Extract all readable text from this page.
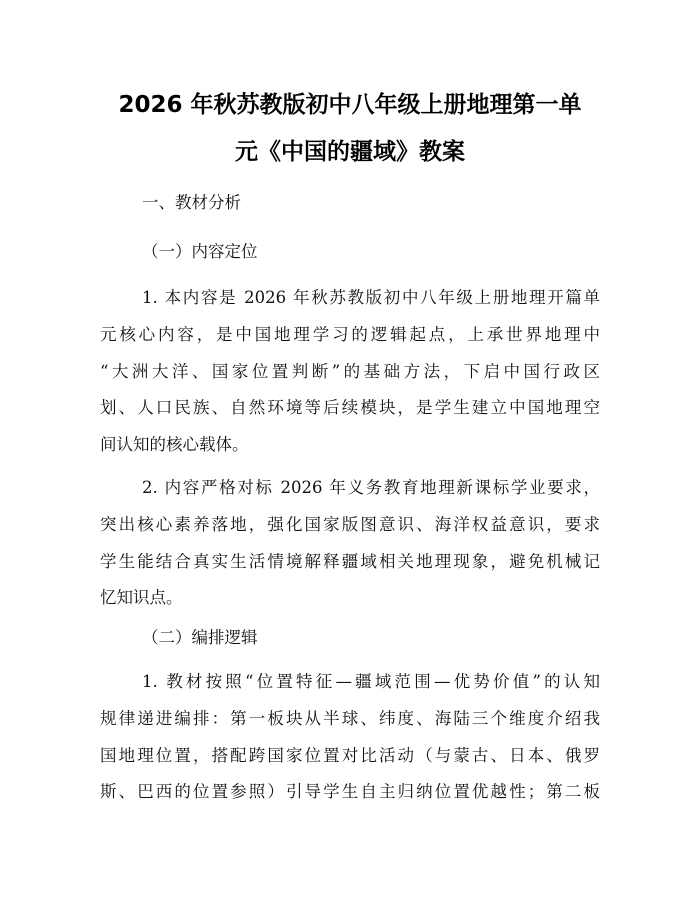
2026 年秋苏教版初中八年级上册地理第一单
元《中国的疆域》教案
一、教材分析
（一）内容定位
1. 本内容是 2026 年秋苏教版初中八年级上册地理开篇单
元核心内容，是中国地理学习的逻辑起点，上承世界地理中
“大洲大洋、国家位置判断”的基础方法，下启中国行政区
划、人口民族、自然环境等后续模块，是学生建立中国地理空
间认知的核心载体。
2. 内容严格对标 2026 年义务教育地理新课标学业要求，
突出核心素养落地，强化国家版图意识、海洋权益意识，要求
学生能结合真实生活情境解释疆域相关地理现象，避免机械记
忆知识点。
（二）编排逻辑
1. 教材按照“位置特征—疆域范围—优势价值”的认知
规律递进编排：第一板块从半球、纬度、海陆三个维度介绍我
国地理位置，搭配跨国家位置对比活动（与蒙古、日本、俄罗
斯、巴西的位置参照）引导学生自主归纳位置优越性；第二板
